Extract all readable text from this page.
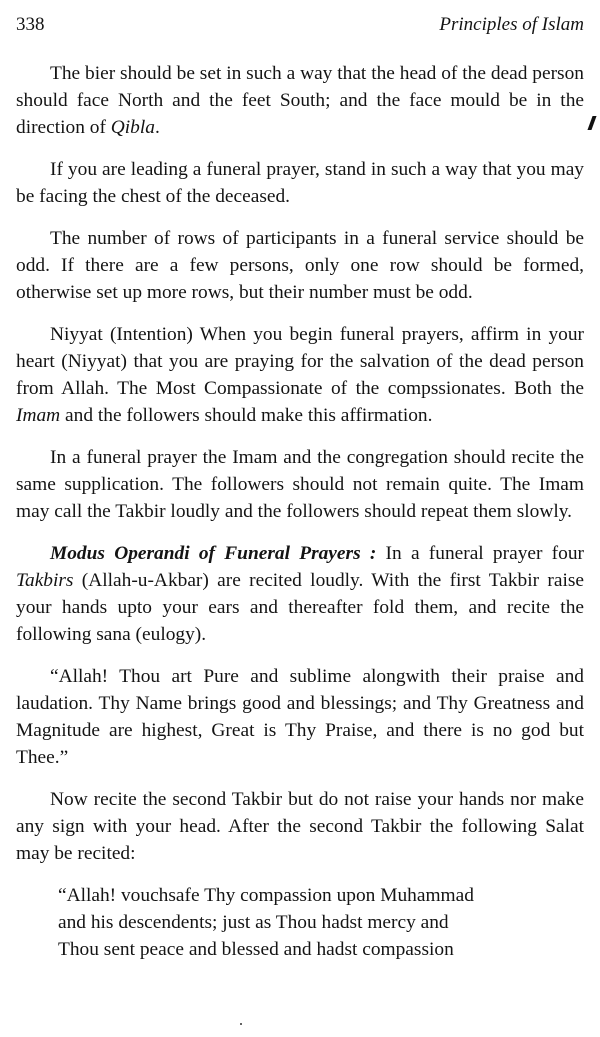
338	Principles of Islam

The bier should be set in such a way that the head of the dead person should face North and the feet South; and the face mould be in the direction of Qibla.

If you are leading a funeral prayer, stand in such a way that you may be facing the chest of the deceased.

The number of rows of participants in a funeral service should be odd. If there are a few persons, only one row should be formed, otherwise set up more rows, but their number must be odd.

Niyyat (Intention) When you begin funeral prayers, affirm in your heart (Niyyat) that you are praying for the salvation of the dead person from Allah. The Most Compassionate of the compssionates. Both the Imam and the followers should make this affirmation.

In a funeral prayer the Imam and the congregation should recite the same supplication. The followers should not remain quite. The Imam may call the Takbir loudly and the followers should repeat them slowly.

Modus Operandi of Funeral Prayers : In a funeral prayer four Takbirs (Allah-u-Akbar) are recited loudly. With the first Takbir raise your hands upto your ears and thereafter fold them, and recite the following sana (eulogy).

“Allah! Thou art Pure and sublime alongwith their praise and laudation. Thy Name brings good and blessings; and Thy Greatness and Magnitude are highest, Great is Thy Praise, and there is no god but Thee.”

Now recite the second Takbir but do not raise your hands nor make any sign with your head. After the second Takbir the following Salat may be recited:

“Allah! vouchsafe Thy compassion upon Muhammad
and his descendents; just as Thou hadst mercy and
Thou sent peace and blessed and hadst compassion
